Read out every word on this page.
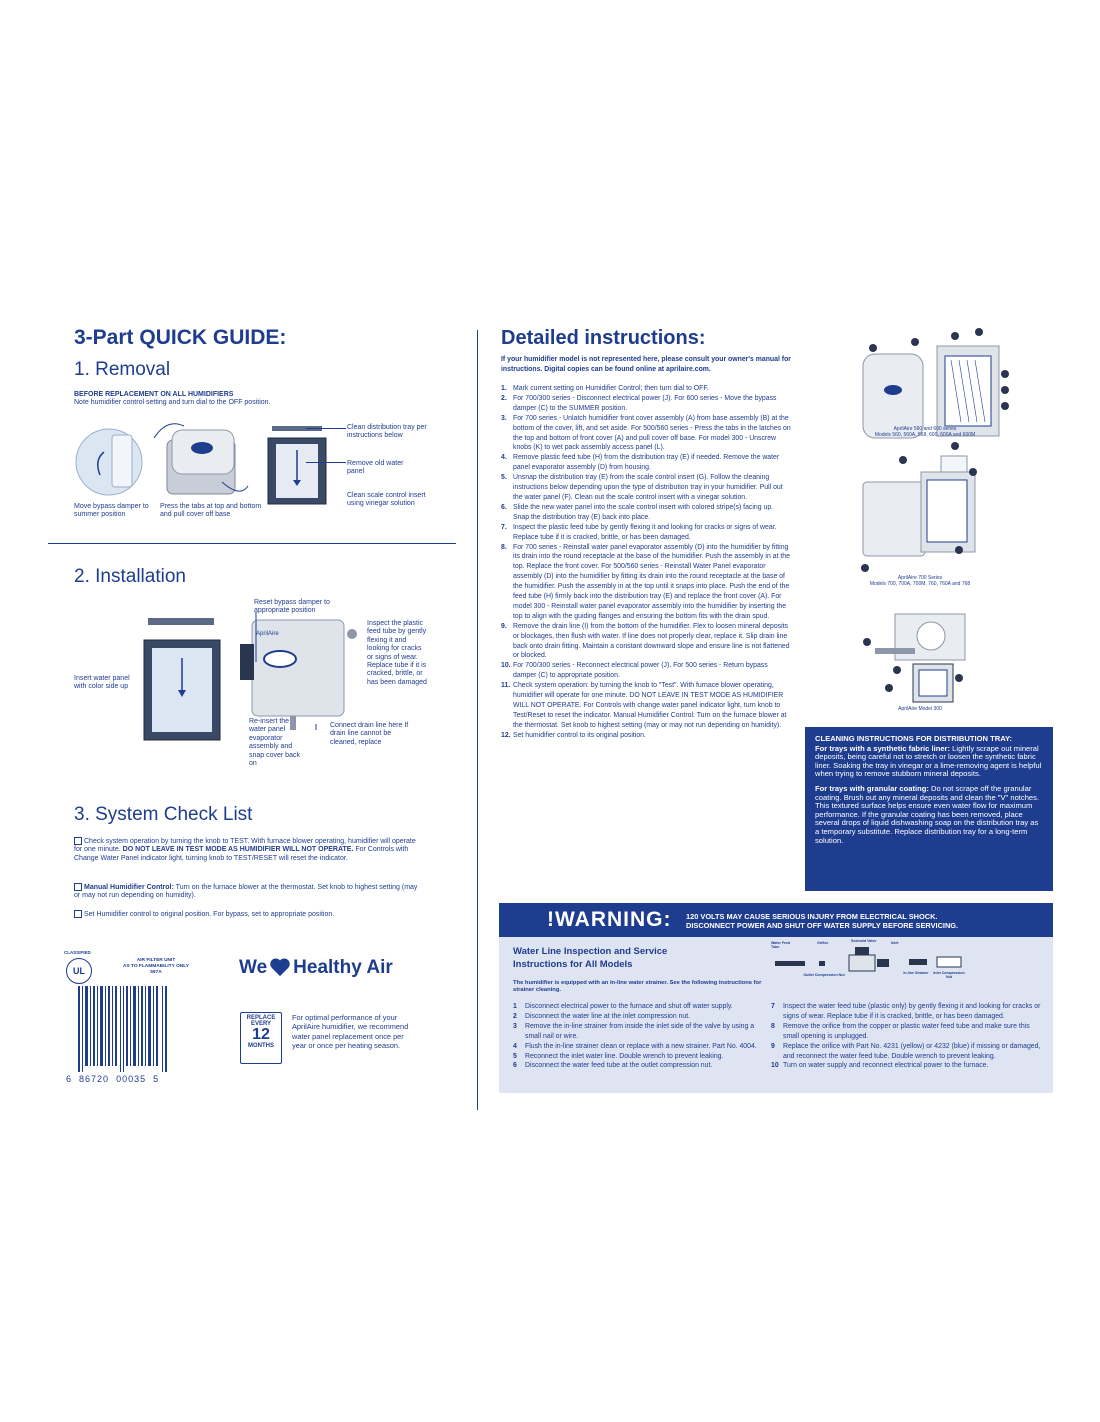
3-Part QUICK GUIDE:
1. Removal
BEFORE REPLACEMENT ON ALL HUMIDIFIERS
Note humidifier control setting and turn dial to the OFF position.
Clean distribution tray per instructions below
Remove old water panel
Clean scale control insert using vinegar solution
Move bypass damper to summer position
Press the tabs at top and bottom and pull cover off base
2. Installation
Reset bypass damper to appropriate position
Insert water panel with color side up
Inspect the plastic feed tube by gently flexing it and looking for cracks or signs of wear. Replace tube if it is cracked, brittle, or has been damaged
Re-insert the water panel evaporator assembly and snap cover back on
Connect drain line here If drain line cannot be cleaned, replace
AprilAire
3. System Check List
Check system operation by turning the knob to TEST. With furnace blower operating, humidifier will operate for one minute. DO NOT LEAVE IN TEST MODE AS HUMIDIFIER WILL NOT OPERATE. For Controls with Change Water Panel indicator light, turning knob to TEST/RESET will reset the indicator.
Manual Humidifier Control: Turn on the furnace blower at the thermostat. Set knob to highest setting (may or may not run depending on humidity).
Set Humidifier control to original position. For bypass, set to appropriate position.
UL
CLASSIFIED
AIR FILTER UNIT
AS TO FLAMMABILITY ONLY
597A
6 86720 00035 5
We Healthy Air
REPLACE
EVERY
12
MONTHS
For optimal performance of your AprilAire humidifier, we recommend water panel replacement once per year or once per heating season.
Detailed instructions:
If your humidifier model is not represented here, please consult your owner's manual for instructions. Digital copies can be found online at aprilaire.com.
1. Mark current setting on Humidifier Control; then turn dial to OFF.
2. For 700/300 series - Disconnect electrical power (J). For 600 series - Move the bypass damper (C) to the SUMMER position.
3. For 700 series - Unlatch humidifier front cover assembly (A) from base assembly (B) at the bottom of the cover, lift, and set aside. For 500/560 series - Press the tabs in the latches on the top and bottom of front cover (A) and pull cover off base. For model 300 - Unscrew knobs (K) to wet pack assembly access panel (L).
4. Remove plastic feed tube (H) from the distribution tray (E) if needed. Remove the water panel evaporator assembly (D) from housing.
5. Unsnap the distribution tray (E) from the scale control insert (G). Follow the cleaning instructions below depending upon the type of distribution tray in your humidifier. Pull out the water panel (F). Clean out the scale control insert with a vinegar solution.
6. Slide the new water panel into the scale control insert with colored stripe(s) facing up. Snap the distribution tray (E) back into place.
7. Inspect the plastic feed tube by gently flexing it and looking for cracks or signs of wear. Replace tube if it is cracked, brittle, or has been damaged.
8. For 700 series - Reinstall water panel evaporator assembly (D) into the humidifier by fitting its drain into the round receptacle at the base of the humidifier. Push the assembly in at the top. Replace the front cover. For 500/560 series - Reinstall Water Panel evaporator assembly (D) into the humidifier by fitting its drain into the round receptacle at the base of the humidifier. Push the assembly in at the top until it snaps into place. Push the end of the feed tube (H) firmly back into the distribution tray (E) and replace the front cover (A). For model 300 - Reinstall water panel evaporator assembly into the humidifier by inserting the top to align with the guiding flanges and ensuring the bottom fits with the drain spud.
9. Remove the drain line (I) from the bottom of the humidifier. Flex to loosen mineral deposits or blockages, then flush with water. If line does not properly clear, replace it. Slip drain line back onto drain fitting. Maintain a constant downward slope and ensure line is not flattened or blocked.
10. For 700/300 series - Reconnect electrical power (J). For 500 series - Return bypass damper (C) to appropriate position.
11. Check system operation: by turning the knob to "Test". With furnace blower operating, humidifier will operate for one minute. DO NOT LEAVE IN TEST MODE AS HUMIDIFIER WILL NOT OPERATE. For Controls with change water panel indicator light, turn knob to Test/Reset to reset the indicator. Manual Humidifier Control: Turn on the furnace blower at the thermostat. Set knob to highest setting (may or may not run depending on humidity).
12. Set humidifier control to its original position.
AprilAire 560 and 600 series
Models 560, 560A, 568, 600, 600A and 600M
AprilAire 700 Series
Models 700, 700A, 700M, 760, 760A and 768
AprilAire Model 300
CLEANING INSTRUCTIONS FOR DISTRIBUTION TRAY:
For trays with a synthetic fabric liner: Lightly scrape out mineral deposits, being careful not to stretch or loosen the synthetic fabric liner. Soaking the tray in vinegar or a lime-removing agent is helpful when trying to remove stubborn mineral deposits.
For trays with granular coating: Do not scrape off the granular coating. Brush out any mineral deposits and clean the "V" notches. This textured surface helps ensure even water flow for maximum performance. If the granular coating has been removed, place several drops of liquid dishwashing soap on the distribution tray as a temporary substitute. Replace distribution tray for a long-term solution.
!WARNING: 120 VOLTS MAY CAUSE SERIOUS INJURY FROM ELECTRICAL SHOCK.
DISCONNECT POWER AND SHUT OFF WATER SUPPLY BEFORE SERVICING.
Water Line Inspection and Service Instructions for All Models
The humidifier is equipped with an in-line water strainer. See the following instructions for strainer cleaning.
Water Feed Tube
Orifice	Solenoid Valve	Inlet
Outlet Compression Nut	In-line Strainer	Inlet Compression Nut
1 Disconnect electrical power to the furnace and shut off water supply.
2 Disconnect the water line at the inlet compression nut.
3 Remove the in-line strainer from inside the inlet side of the valve by using a small nail or wire.
4 Flush the in-line strainer clean or replace with a new strainer. Part No. 4004.
5 Reconnect the inlet water line. Double wrench to prevent leaking.
6 Disconnect the water feed tube at the outlet compression nut.
7 Inspect the water feed tube (plastic only) by gently flexing it and looking for cracks or signs of wear. Replace tube if it is cracked, brittle, or has been damaged.
8 Remove the orifice from the copper or plastic water feed tube and make sure this small opening is unplugged.
9 Replace the orifice with Part No. 4231 (yellow) or 4232 (blue) if missing or damaged, and reconnect the water feed tube. Double wrench to prevent leaking.
10 Turn on water supply and reconnect electrical power to the furnace.
